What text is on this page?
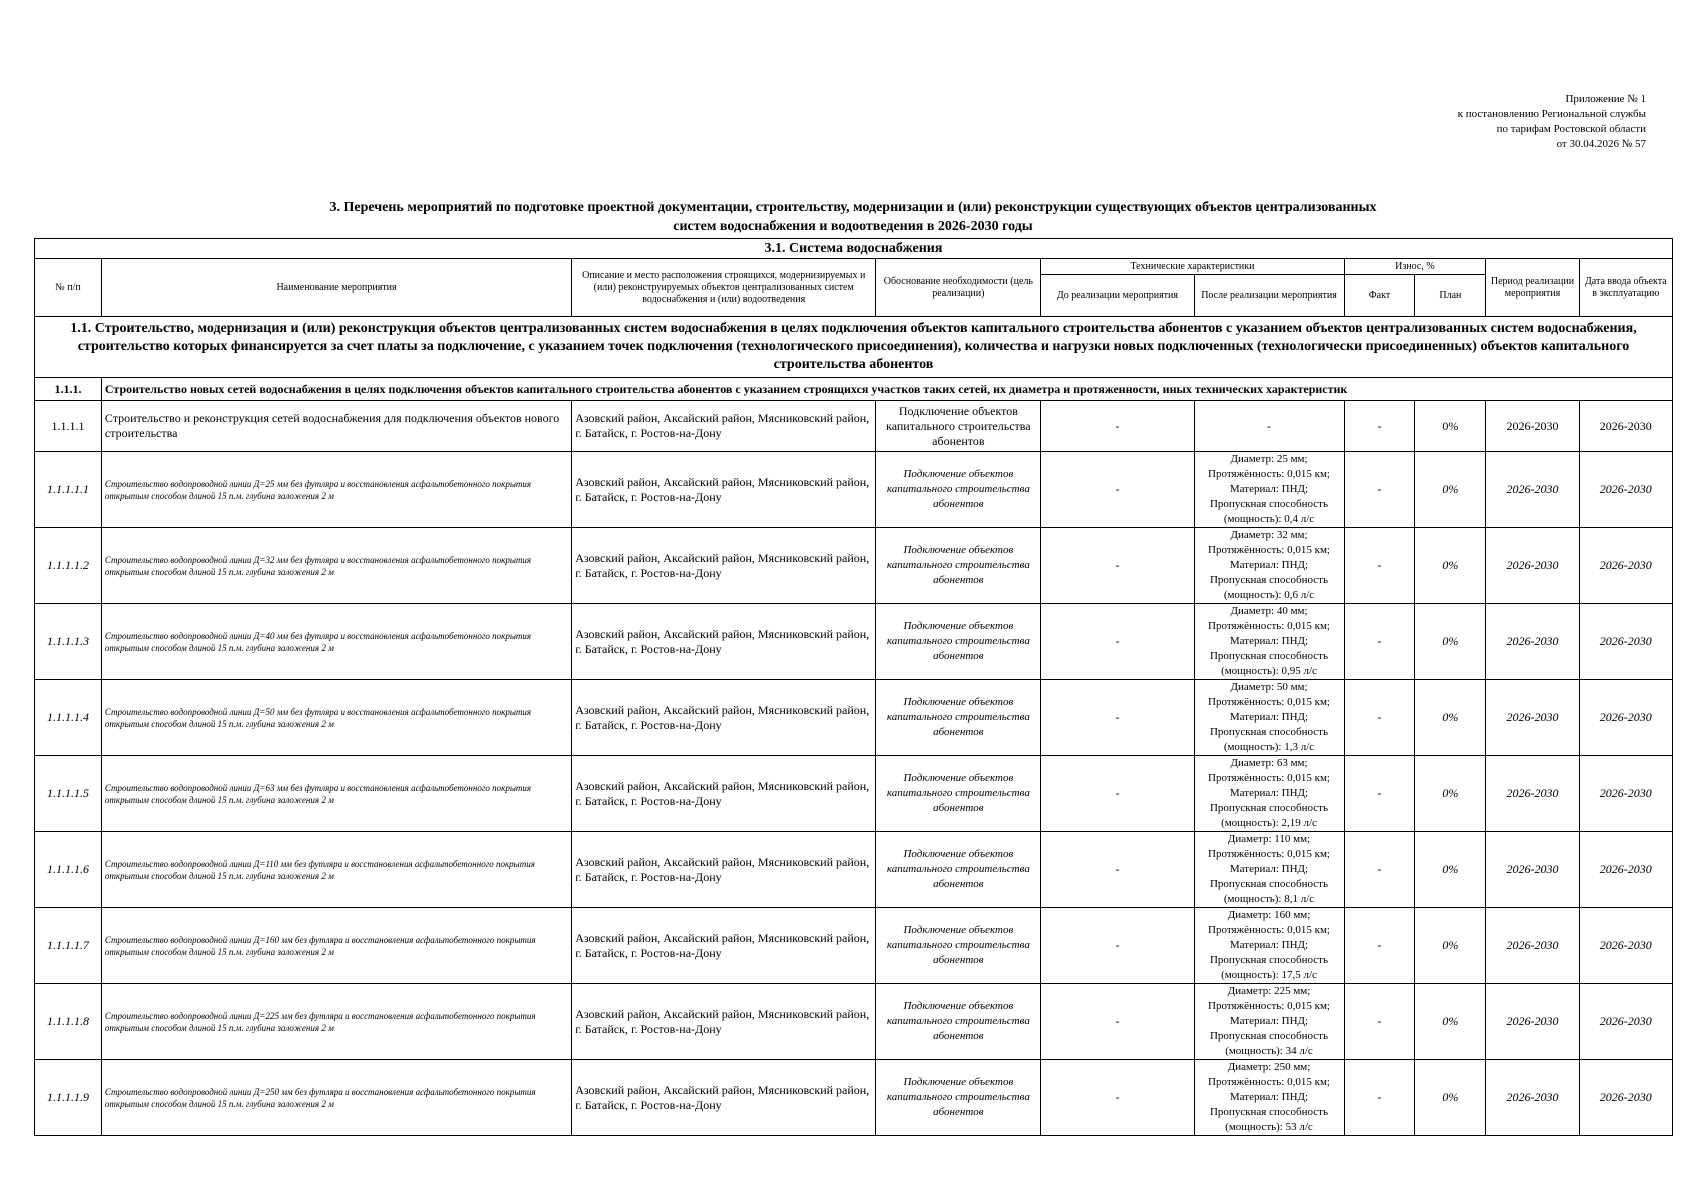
Приложение № 1
к постановлению Региональной службы
по тарифам Ростовской области
от 30.04.2026 № 57
3. Перечень мероприятий по подготовке проектной документации, строительству, модернизации и (или) реконструкции существующих объектов централизованных
систем водоснабжения и водоотведения в 2026-2030 годы
3.1. Система водоснабжения									
№ п/п	Наименование мероприятия	Описание и место расположения строящихся, модернизируемых и (или) реконструируемых объектов централизованных систем водоснабжения и (или) водоотведения	Обоснование необходимости (цель реализации)	Технические характеристики		Износ, %		Период реализации мероприятия	Дата ввода объекта в эксплуатацию
				До реализации мероприятия	После реализации мероприятия	Факт	План		
1.1. Строительство, модернизация и (или) реконструкция объектов централизованных систем водоснабжения в целях подключения объектов капитального строительства абонентов с указанием объектов централизованных систем водоснабжения, строительство которых финансируется за счет платы за подключение, с указанием точек подключения (технологического присоединения), количества и нагрузки новых подключенных (технологически присоединенных) объектов капитального строительства абонентов									
1.1.1.	Строительство новых сетей водоснабжения в целях подключения объектов капитального строительства абонентов с указанием строящихся участков таких сетей, их диаметра и протяженности, иных технических характеристик								
1.1.1.1	Строительство и реконструкция сетей водоснабжения для подключения объектов нового строительства	Азовский район, Аксайский район, Мясниковский район, г. Батайск, г. Ростов-на-Дону	Подключение объектов капитального строительства абонентов	-	-	-	0%	2026-2030	2026-2030
1.1.1.1.1	Строительство водопроводной линии Д=25 мм без футляра и восстановления асфальтобетонного покрытия открытым способом длиной 15 п.м. глубина заложения 2 м	Азовский район, Аксайский район, Мясниковский район, г. Батайск, г. Ростов-на-Дону	Подключение объектов капитального строительства абонентов	-	Диаметр: 25 мм;
Протяжённость: 0,015 км;
Материал: ПНД;
Пропускная способность
(мощность): 0,4 л/с	-	0%	2026-2030	2026-2030
1.1.1.1.2	Строительство водопроводной линии Д=32 мм без футляра и восстановления асфальтобетонного покрытия открытым способом длиной 15 п.м. глубина заложения 2 м	Азовский район, Аксайский район, Мясниковский район, г. Батайск, г. Ростов-на-Дону	Подключение объектов капитального строительства абонентов	-	Диаметр: 32 мм;
Протяжённость: 0,015 км;
Материал: ПНД;
Пропускная способность
(мощность): 0,6 л/с	-	0%	2026-2030	2026-2030
1.1.1.1.3	Строительство водопроводной линии Д=40 мм без футляра и восстановления асфальтобетонного покрытия открытым способом длиной 15 п.м. глубина заложения 2 м	Азовский район, Аксайский район, Мясниковский район, г. Батайск, г. Ростов-на-Дону	Подключение объектов капитального строительства абонентов	-	Диаметр: 40 мм;
Протяжённость: 0,015 км;
Материал: ПНД;
Пропускная способность
(мощность): 0,95 л/с	-	0%	2026-2030	2026-2030
1.1.1.1.4	Строительство водопроводной линии Д=50 мм без футляра и восстановления асфальтобетонного покрытия открытым способом длиной 15 п.м. глубина заложения 2 м	Азовский район, Аксайский район, Мясниковский район, г. Батайск, г. Ростов-на-Дону	Подключение объектов капитального строительства абонентов	-	Диаметр: 50 мм;
Протяжённость: 0,015 км;
Материал: ПНД;
Пропускная способность
(мощность): 1,3 л/с	-	0%	2026-2030	2026-2030
1.1.1.1.5	Строительство водопроводной линии Д=63 мм без футляра и восстановления асфальтобетонного покрытия открытым способом длиной 15 п.м. глубина заложения 2 м	Азовский район, Аксайский район, Мясниковский район, г. Батайск, г. Ростов-на-Дону	Подключение объектов капитального строительства абонентов	-	Диаметр: 63 мм;
Протяжённость: 0,015 км;
Материал: ПНД;
Пропускная способность
(мощность): 2,19 л/с	-	0%	2026-2030	2026-2030
1.1.1.1.6	Строительство водопроводной линии Д=110 мм без футляра и восстановления асфальтобетонного покрытия открытым способом длиной 15 п.м. глубина заложения 2 м	Азовский район, Аксайский район, Мясниковский район, г. Батайск, г. Ростов-на-Дону	Подключение объектов капитального строительства абонентов	-	Диаметр: 110 мм;
Протяжённость: 0,015 км;
Материал: ПНД;
Пропускная способность
(мощность): 8,1 л/с	-	0%	2026-2030	2026-2030
1.1.1.1.7	Строительство водопроводной линии Д=160 мм без футляра и восстановления асфальтобетонного покрытия открытым способом длиной 15 п.м. глубина заложения 2 м	Азовский район, Аксайский район, Мясниковский район, г. Батайск, г. Ростов-на-Дону	Подключение объектов капитального строительства абонентов	-	Диаметр: 160 мм;
Протяжённость: 0,015 км;
Материал: ПНД;
Пропускная способность
(мощность): 17,5 л/с	-	0%	2026-2030	2026-2030
1.1.1.1.8	Строительство водопроводной линии Д=225 мм без футляра и восстановления асфальтобетонного покрытия открытым способом длиной 15 п.м. глубина заложения 2 м	Азовский район, Аксайский район, Мясниковский район, г. Батайск, г. Ростов-на-Дону	Подключение объектов капитального строительства абонентов	-	Диаметр: 225 мм;
Протяжённость: 0,015 км;
Материал: ПНД;
Пропускная способность
(мощность): 34 л/с	-	0%	2026-2030	2026-2030
1.1.1.1.9	Строительство водопроводной линии Д=250 мм без футляра и восстановления асфальтобетонного покрытия открытым способом длиной 15 п.м. глубина заложения 2 м	Азовский район, Аксайский район, Мясниковский район, г. Батайск, г. Ростов-на-Дону	Подключение объектов капитального строительства абонентов	-	Диаметр: 250 мм;
Протяжённость: 0,015 км;
Материал: ПНД;
Пропускная способность
(мощность): 53 л/с	-	0%	2026-2030	2026-2030
